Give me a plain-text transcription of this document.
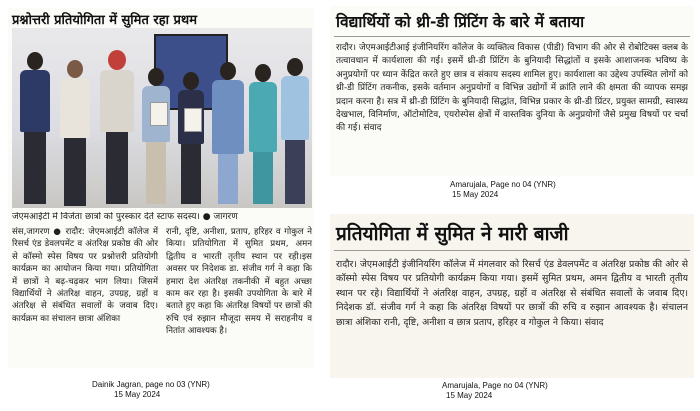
प्रश्नोत्तरी प्रतियोगिता में सुमित रहा प्रथम
जेएमआईटी में विजेता छात्रों को पुरस्कार देते स्टाफ सदस्य। ● जागरण

संस,जागरण ● रादौर: जेएमआईटी कॉलेज में रिसर्च एंड डेवलपमेंट व अंतरिक्ष प्रकोष्ठ की ओर से कॉस्मो स्पेस विषय पर प्रश्नोत्तरी प्रतियोगी कार्यक्रम का आयोजन किया गया। प्रतियोगिता में छात्रों ने बढ़-चढ़कर भाग लिया। जिसमें विद्यार्थियों ने अंतरिक्ष वाहन, उपग्रह, ग्रहों व अंतरिक्ष से संबंधित सवालों के जवाब दिए। कार्यक्रम का संचालन छात्रा अंशिका

रानी, दृष्टि, अनीशा, प्रताप, हरिहर व गोकुल ने किया। प्रतियोगिता में सुमित प्रथम, अमन द्वितीय व भारती तृतीय स्थान पर रही।इस अवसर पर निदेशक डा. संजीव गर्ग ने कहा कि हमारा देश अंतरिक्ष तकनीकी में बहुत अच्छा काम कर रहा है। इसकी उपयोगिता के बारे में बताते हुए कहा कि अंतरिक्ष विषयों पर छात्रों की रुचि एवं रुझान मौजूदा समय में सराहनीय व नितांत आवश्यक है।

Dainik Jagran, page no 03 (YNR)
15 May 2024
विद्यार्थियों को थ्री-डी प्रिंटिंग के बारे में बताया
रादौर। जेएमआईटीआई इंजीनियरिंग कॉलेज के व्यक्तित्व विकास (पीडी) विभाग की ओर से रोबोटिक्स क्लब के तत्वावधान में कार्यशाला की गई। इसमें थ्री-डी प्रिंटिंग के बुनियादी सिद्धांतों व इसके आशाजनक भविष्य के अनुप्रयोगों पर ध्यान केंद्रित करते हुए छात्र व संकाय सदस्य शामिल हुए। कार्यशाला का उद्देश्य उपस्थित लोगों को थ्री-डी प्रिंटिंग तकनीक, इसके वर्तमान अनुप्रयोगों व विभिन्न उद्योगों में क्रांति लाने की क्षमता की व्यापक समझ प्रदान करना है। सत्र में थ्री-डी प्रिंटिंग के बुनियादी सिद्धांत, विभिन्न प्रकार के थ्री-डी प्रिंटर, प्रयुक्त सामग्री, स्वास्थ्य देखभाल, विनिर्माण, ऑटोमोटिव, एयरोस्पेस क्षेत्रों में वास्तविक दुनिया के अनुप्रयोगों जैसे प्रमुख विषयों पर चर्चा की गई। संवाद
Amarujala, Page no 04 (YNR)
15 May 2024
प्रतियोगिता में सुमित ने मारी बाजी
रादौर। जेएमआईटी इंजीनियरिंग कॉलेज में मंगलवार को रिसर्च एंड डेवलपमेंट व अंतरिक्ष प्रकोष्ठ की ओर से कॉस्मो स्पेस विषय पर प्रतियोगी कार्यक्रम किया गया। इसमें सुमित प्रथम, अमन द्वितीय व भारती तृतीय स्थान पर रहे। विद्यार्थियों ने अंतरिक्ष वाहन, उपग्रह, ग्रहों व अंतरिक्ष से संबंधित सवालों के जवाब दिए। निदेशक डॉ. संजीव गर्ग ने कहा कि अंतरिक्ष विषयों पर छात्रों की रुचि व रुझान आवश्यक है। संचालन छात्रा अंशिका रानी, दृष्टि, अनीशा व छात्र प्रताप, हरिहर व गोकुल ने किया। संवाद
Amarujala, Page no 04 (YNR)
15 May 2024
